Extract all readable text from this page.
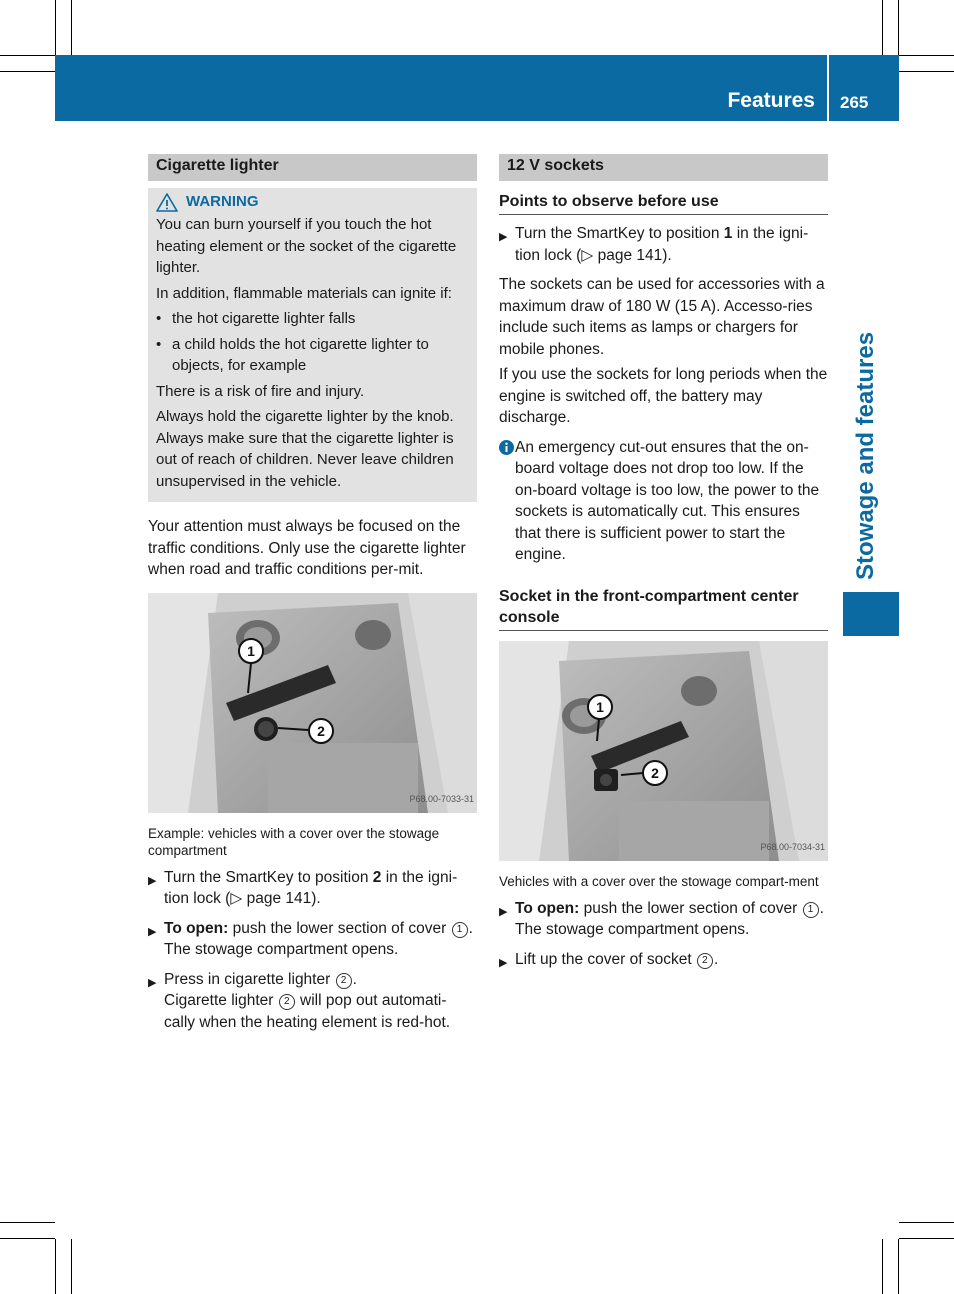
Features 265
Stowage and features
Cigarette lighter
WARNING

You can burn yourself if you touch the hot heating element or the socket of the cigarette lighter.

In addition, flammable materials can ignite if:

• the hot cigarette lighter falls
• a child holds the hot cigarette lighter to objects, for example

There is a risk of fire and injury.

Always hold the cigarette lighter by the knob. Always make sure that the cigarette lighter is out of reach of children. Never leave children unsupervised in the vehicle.

Your attention must always be focused on the traffic conditions. Only use the cigarette lighter when road and traffic conditions per-mit.

1
2
P68.00-7033-31

Example: vehicles with a cover over the stowage compartment

▶ Turn the SmartKey to position 2 in the igni-tion lock (▷ page 141).
▶ To open: push the lower section of cover 1 .
The stowage compartment opens.
▶ Press in cigarette lighter 2 .
Cigarette lighter 2 will pop out automati-cally when the heating element is red-hot.
12 V sockets
Points to observe before use
▶ Turn the SmartKey to position 1 in the igni-tion lock (▷ page 141).

The sockets can be used for accessories with a maximum draw of 180 W (15 A). Accesso-ries include such items as lamps or chargers for mobile phones.

If you use the sockets for long periods when the engine is switched off, the battery may discharge.

An emergency cut-out ensures that the on-board voltage does not drop too low. If the on-board voltage is too low, the power to the sockets is automatically cut. This ensures that there is sufficient power to start the engine.
Socket in the front-compartment center console
1
2
P68.00-7034-31

Vehicles with a cover over the stowage compart-ment

▶ To open: push the lower section of cover 1 .
The stowage compartment opens.
▶ Lift up the cover of socket 2 .
